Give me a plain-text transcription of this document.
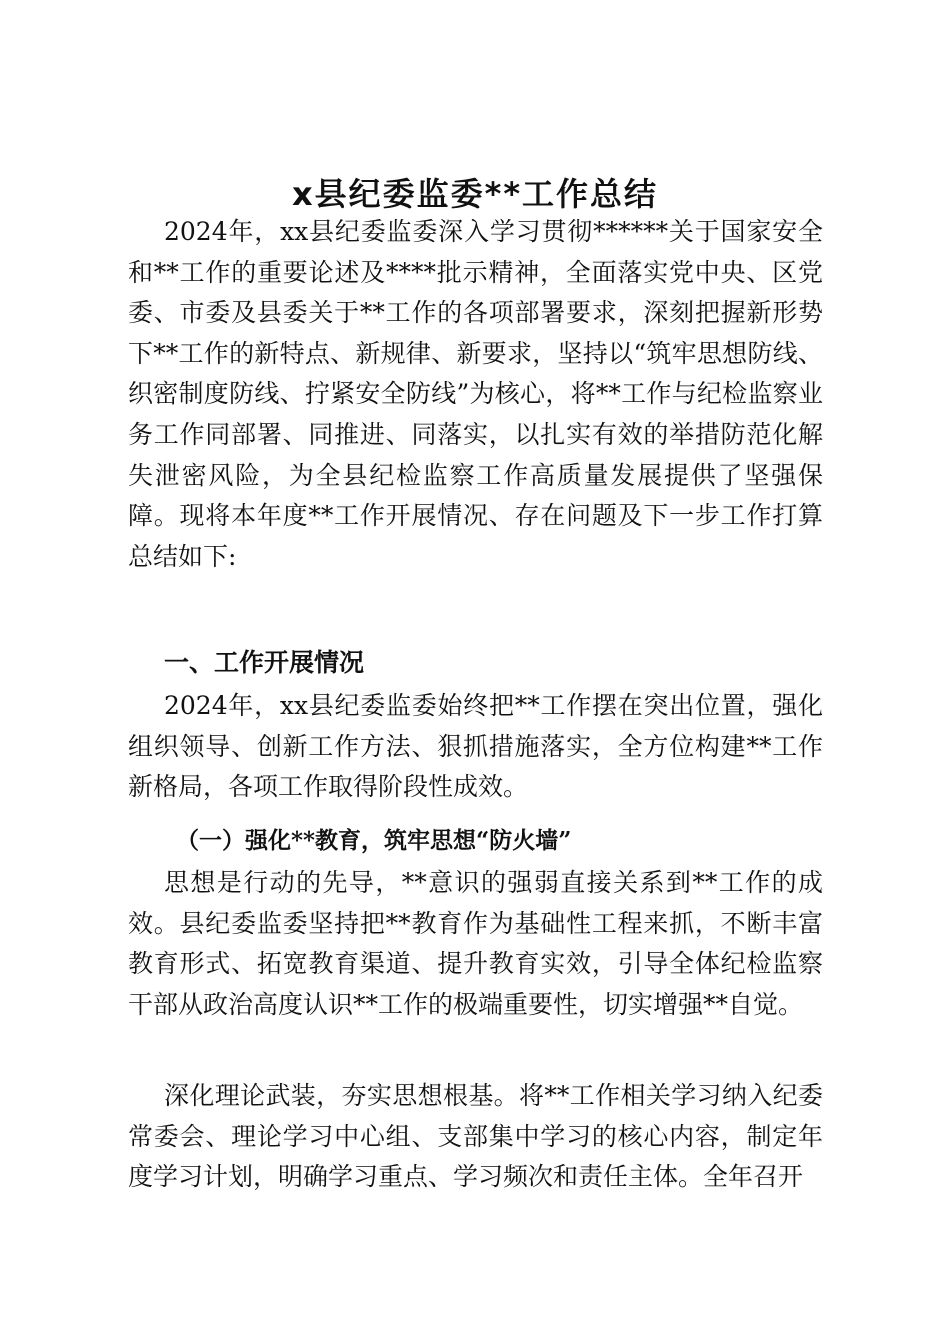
x县纪委监委**工作总结

2024年，xx县纪委监委深入学习贯彻******关于国家安全和**工作的重要论述及****批示精神，全面落实党中央、区党委、市委及县委关于**工作的各项部署要求，深刻把握新形势下**工作的新特点、新规律、新要求，坚持以“筑牢思想防线、织密制度防线、拧紧安全防线”为核心，将**工作与纪检监察业务工作同部署、同推进、同落实，以扎实有效的举措防范化解失泄密风险，为全县纪检监察工作高质量发展提供了坚强保障。现将本年度**工作开展情况、存在问题及下一步工作打算总结如下:

一、工作开展情况

2024年，xx县纪委监委始终把**工作摆在突出位置，强化组织领导、创新工作方法、狠抓措施落实，全方位构建**工作新格局，各项工作取得阶段性成效。

（一）强化**教育，筑牢思想“防火墙”

思想是行动的先导，**意识的强弱直接关系到**工作的成效。县纪委监委坚持把**教育作为基础性工程来抓，不断丰富教育形式、拓宽教育渠道、提升教育实效，引导全体纪检监察干部从政治高度认识**工作的极端重要性，切实增强**自觉。

深化理论武装，夯实思想根基。将**工作相关学习纳入纪委常委会、理论学习中心组、支部集中学习的核心内容，制定年度学习计划，明确学习重点、学习频次和责任主体。全年召开
